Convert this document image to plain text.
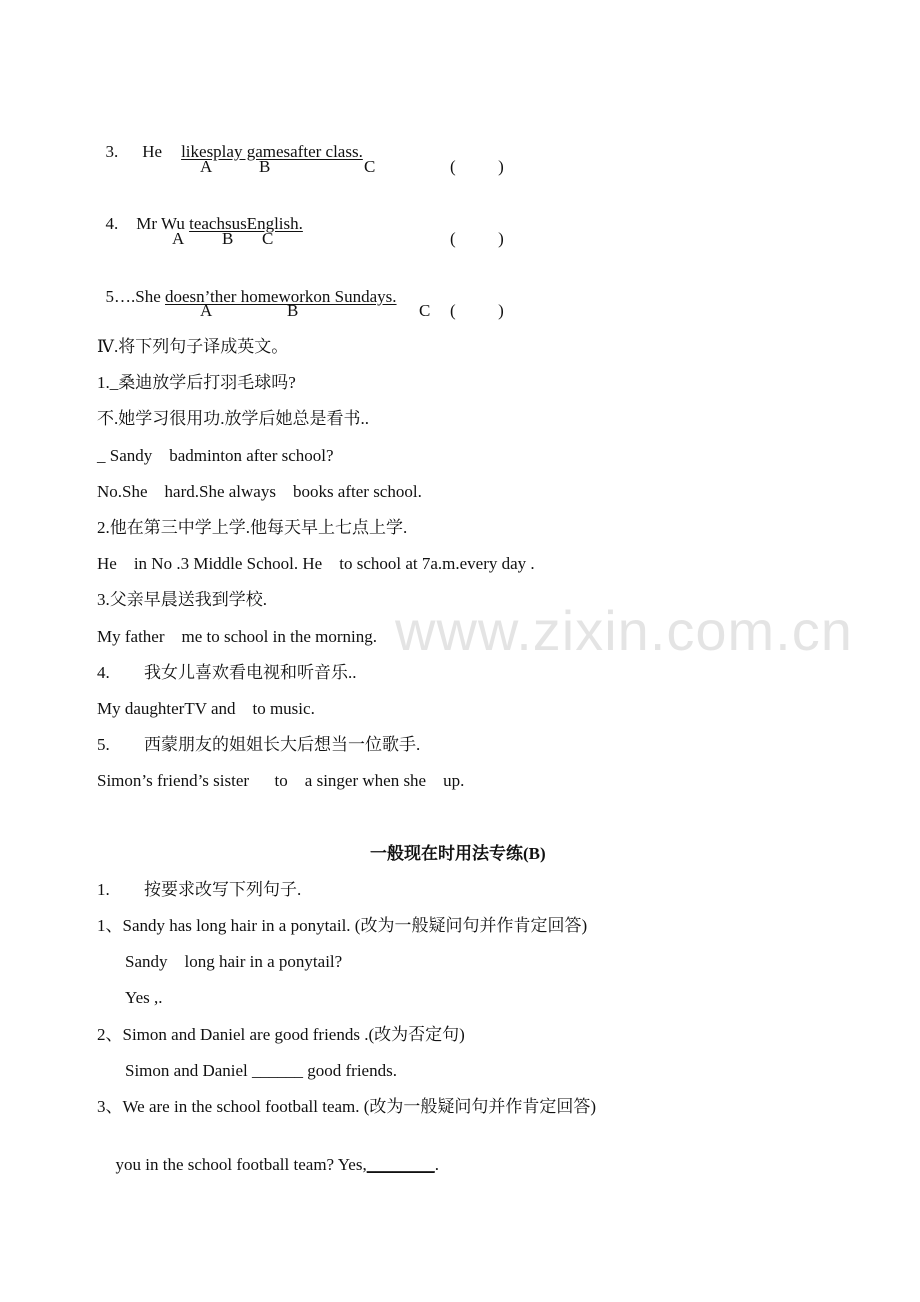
3. He likesplay gamesafter class.

A	B	C	(          )

4. Mr Wu teachsusEnglish.

A B C	(          )

5….She doesn’ther homeworkon Sundays.

A	B	C (          )
Ⅳ.将下列句子译成英文。
1._桑迪放学后打羽毛球吗?
不.她学习很用功.放学后她总是看书..
_ Sandy    badminton after school?
No.She    hard.She always    books after school.
2.他在第三中学上学.他每天早上七点上学.
He    in No .3 Middle School. He    to school at 7a.m.every day .
3.父亲早晨送我到学校.
My father    me to school in the morning.
4. 我女儿喜欢看电视和听音乐..
My daughterTV and    to music.
5. 西蒙朋友的姐姐长大后想当一位歌手.
Simon’s friend’s sister      to    a singer when she    up.
www.zixin.com.cn
一般现在时用法专练(B)
1. 按要求改写下列句子.
1、Sandy has long hair in a ponytail. (改为一般疑问句并作肯定回答)
Sandy    long hair in a ponytail?
Yes ,.
2、Simon and Daniel are good friends .(改为否定句)
Simon and Daniel ______ good friends.
3、We are in the school football team. (改为一般疑问句并作肯定回答)

you in the school football team? Yes,________.
